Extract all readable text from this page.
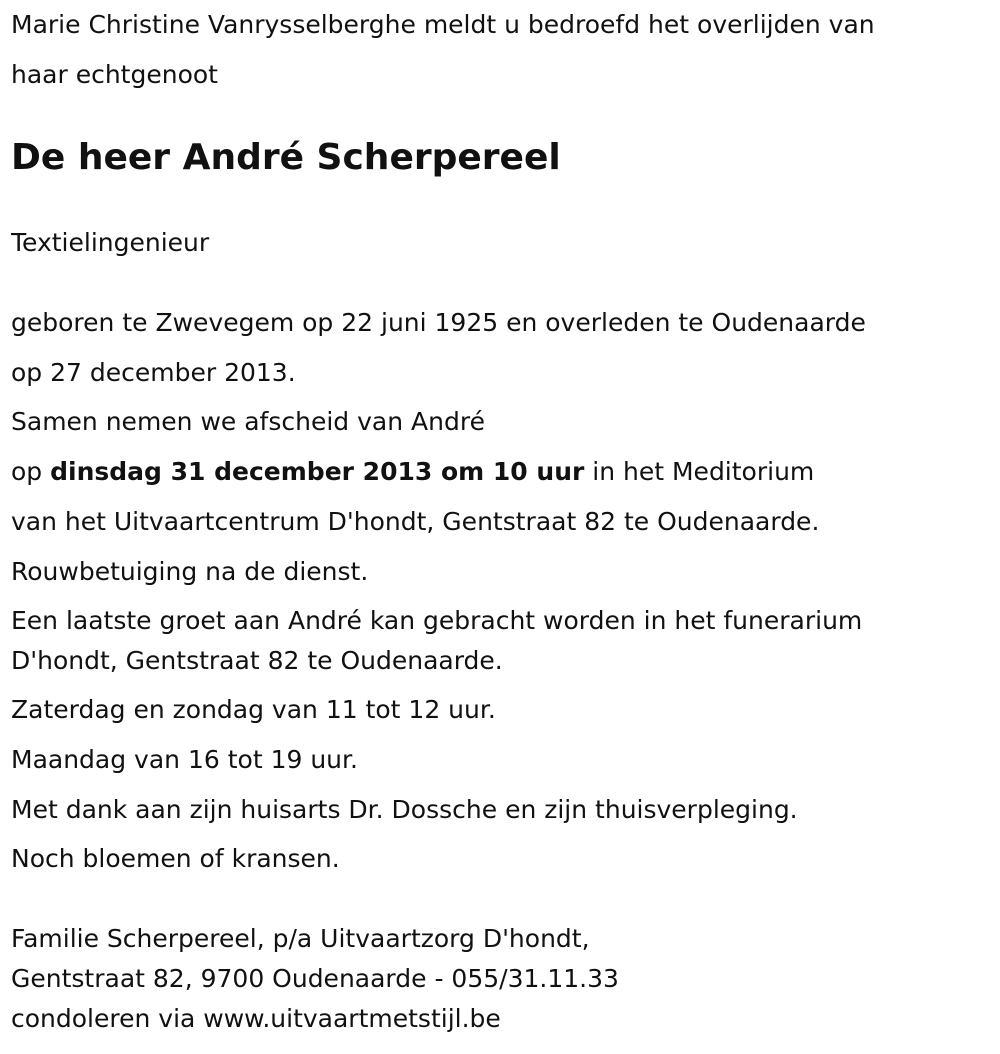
Marie Christine Vanrysselberghe meldt u bedroefd het overlijden van

haar echtgenoot

De heer André Scherpereel

Textielingenieur

geboren te Zwevegem op 22 juni 1925 en overleden te Oudenaarde

op 27 december 2013.

Samen nemen we afscheid van André

op dinsdag 31 december 2013 om 10 uur in het Meditorium

van het Uitvaartcentrum D'hondt, Gentstraat 82 te Oudenaarde.

Rouwbetuiging na de dienst.

Een laatste groet aan André kan gebracht worden in het funerarium

D'hondt, Gentstraat 82 te Oudenaarde.

Zaterdag en zondag van 11 tot 12 uur.

Maandag van 16 tot 19 uur.

Met dank aan zijn huisarts Dr. Dossche en zijn thuisverpleging.

Noch bloemen of kransen.

Familie Scherpereel, p/a Uitvaartzorg D'hondt,

Gentstraat 82, 9700 Oudenaarde - 055/31.11.33

condoleren via www.uitvaartmetstijl.be
